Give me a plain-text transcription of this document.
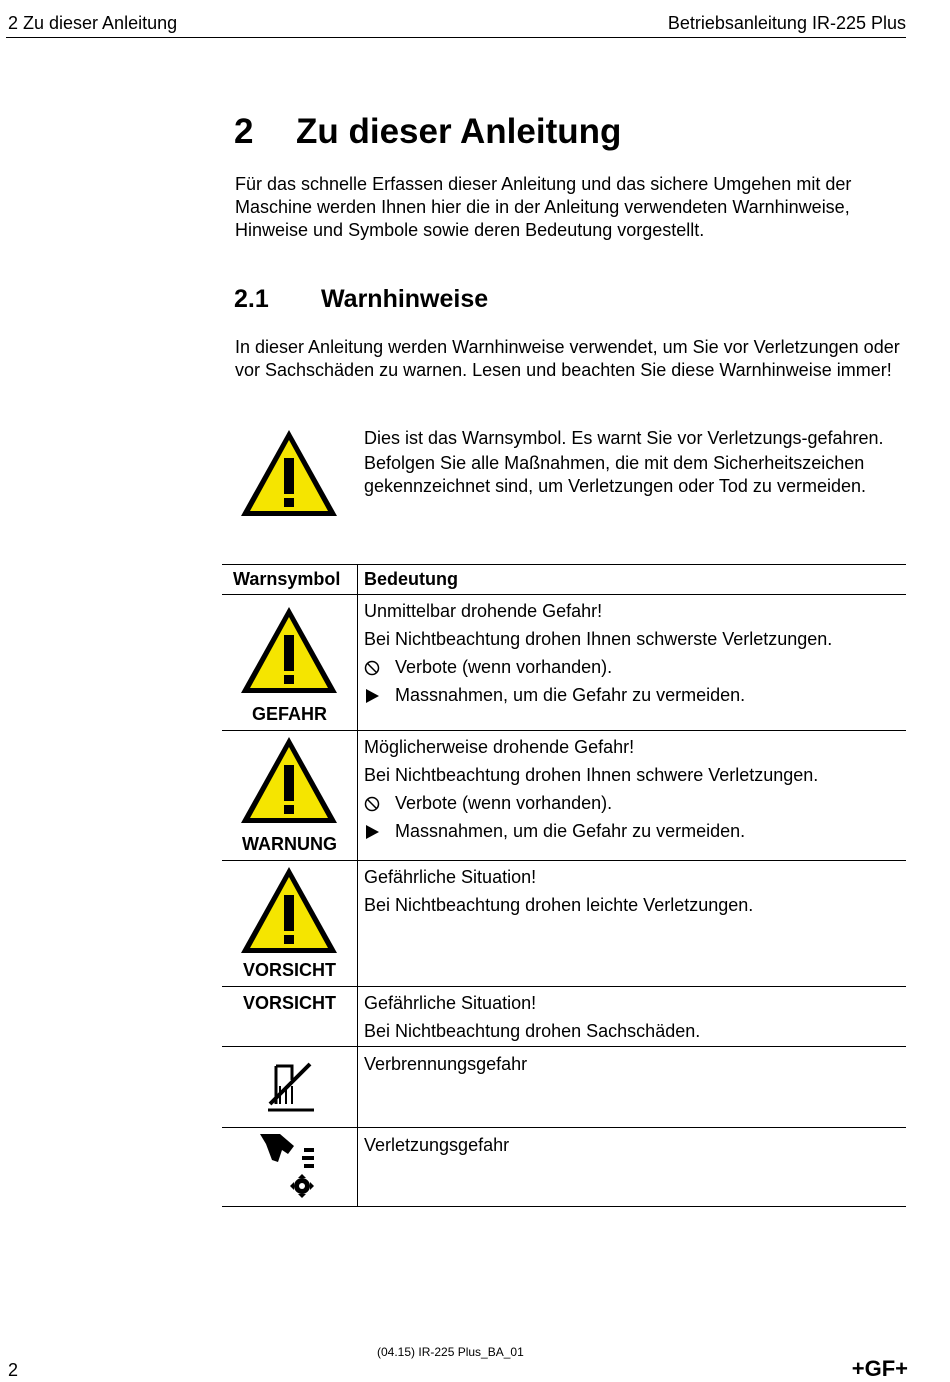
2 Zu dieser Anleitung	Betriebsanleitung IR-225 Plus
2 Zu dieser Anleitung
Für das schnelle Erfassen dieser Anleitung und das sichere Umgehen mit der Maschine werden Ihnen hier die in der Anleitung verwendeten Warnhinweise, Hinweise und Symbole sowie deren Bedeutung vorgestellt.
2.1 Warnhinweise
In dieser Anleitung werden Warnhinweise verwendet, um Sie vor Verletzungen oder vor Sachschäden zu warnen. Lesen und beachten Sie diese Warnhinweise immer!
Dies ist das Warnsymbol. Es warnt Sie vor Verletzungs-gefahren.
Befolgen Sie alle Maßnahmen, die mit dem Sicherheitszeichen gekennzeichnet sind, um Verletzungen oder Tod zu vermeiden.
Warnsymbol Bedeutung
GEFAHR
Unmittelbar drohende Gefahr!
Bei Nichtbeachtung drohen Ihnen schwerste Verletzungen.
Verbote (wenn vorhanden).
Massnahmen, um die Gefahr zu vermeiden.
WARNUNG
Möglicherweise drohende Gefahr!
Bei Nichtbeachtung drohen Ihnen schwere Verletzungen.
Verbote (wenn vorhanden).
Massnahmen, um die Gefahr zu vermeiden.
VORSICHT
Gefährliche Situation!
Bei Nichtbeachtung drohen leichte Verletzungen.
VORSICHT	Gefährliche Situation!
Bei Nichtbeachtung drohen Sachschäden.
Verbrennungsgefahr
Verletzungsgefahr
2
(04.15) IR-225 Plus_BA_01
+GF+
